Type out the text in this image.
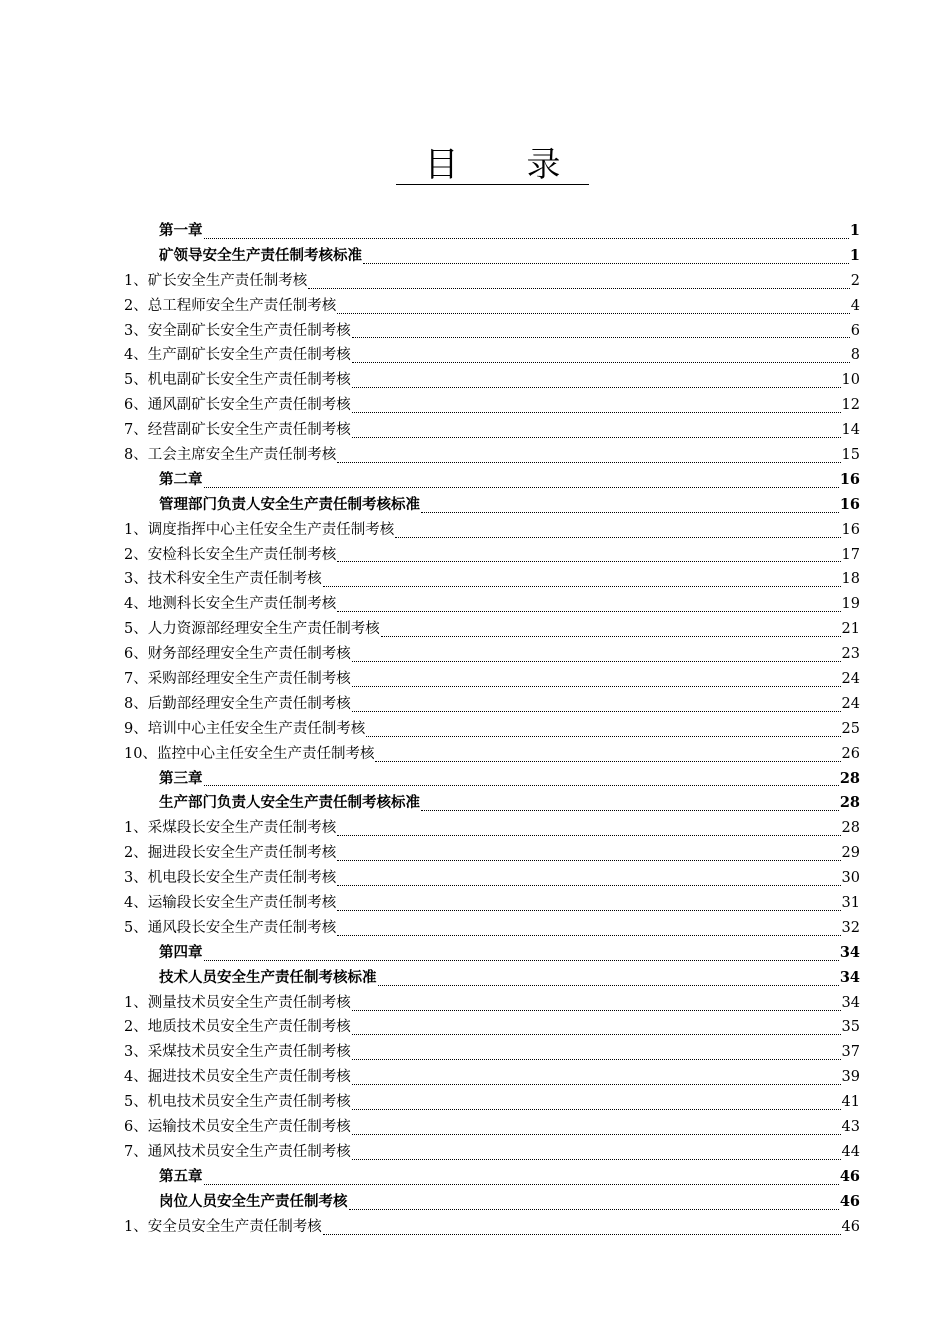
目　　录
第一章	1
矿领导安全生产责任制考核标准	1
1、矿长安全生产责任制考核	2
2、总工程师安全生产责任制考核	4
3、安全副矿长安全生产责任制考核	6
4、生产副矿长安全生产责任制考核	8
5、机电副矿长安全生产责任制考核	10
6、通风副矿长安全生产责任制考核	12
7、经营副矿长安全生产责任制考核	14
8、工会主席安全生产责任制考核	15
第二章	16
管理部门负责人安全生产责任制考核标准	16
1、调度指挥中心主任安全生产责任制考核	16
2、安检科长安全生产责任制考核	17
3、技术科安全生产责任制考核	18
4、地测科长安全生产责任制考核	19
5、人力资源部经理安全生产责任制考核	21
6、财务部经理安全生产责任制考核	23
7、采购部经理安全生产责任制考核	24
8、后勤部经理安全生产责任制考核	24
9、培训中心主任安全生产责任制考核	25
10、监控中心主任安全生产责任制考核	26
第三章	28
生产部门负责人安全生产责任制考核标准	28
1、采煤段长安全生产责任制考核	28
2、掘进段长安全生产责任制考核	29
3、机电段长安全生产责任制考核	30
4、运输段长安全生产责任制考核	31
5、通风段长安全生产责任制考核	32
第四章	34
技术人员安全生产责任制考核标准	34
1、测量技术员安全生产责任制考核	34
2、地质技术员安全生产责任制考核	35
3、采煤技术员安全生产责任制考核	37
4、掘进技术员安全生产责任制考核	39
5、机电技术员安全生产责任制考核	41
6、运输技术员安全生产责任制考核	43
7、通风技术员安全生产责任制考核	44
第五章	46
岗位人员安全生产责任制考核	46
1、安全员安全生产责任制考核	46
